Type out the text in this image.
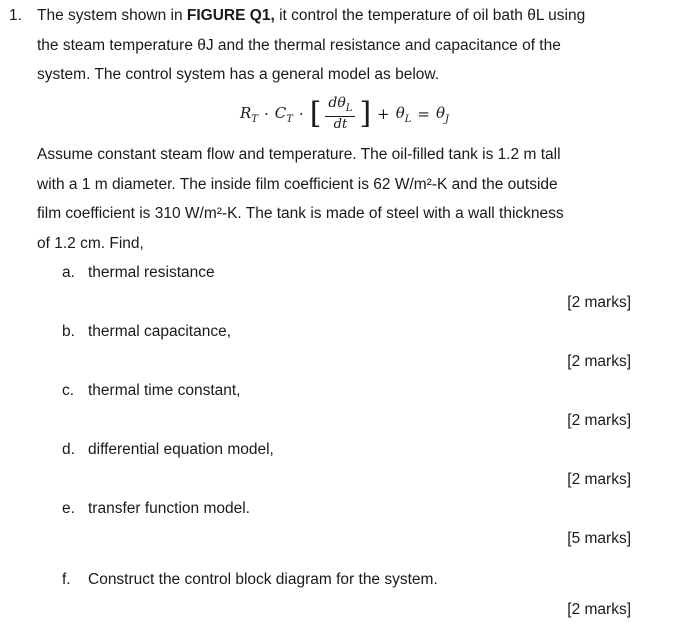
1. The system shown in FIGURE Q1, it control the temperature of oil bath θL using
the steam temperature θJ and the thermal resistance and capacitance of the
system. The control system has a general model as below.
$R_T \cdot C_T$ · [ $\frac{d\theta_L}{dt}$ ] + $\theta_L = \theta_J$
Assume constant steam flow and temperature. The oil-filled tank is 1.2 m tall
with a 1 m diameter. The inside film coefficient is 62 W/m²-K and the outside
film coefficient is 310 W/m²-K. The tank is made of steel with a wall thickness
of 1.2 cm. Find,
a. thermal resistance
[2 marks]
b. thermal capacitance,
[2 marks]
c. thermal time constant,
[2 marks]
d. differential equation model,
[2 marks]
e. transfer function model.
[5 marks]
f. Construct the control block diagram for the system.
[2 marks]
